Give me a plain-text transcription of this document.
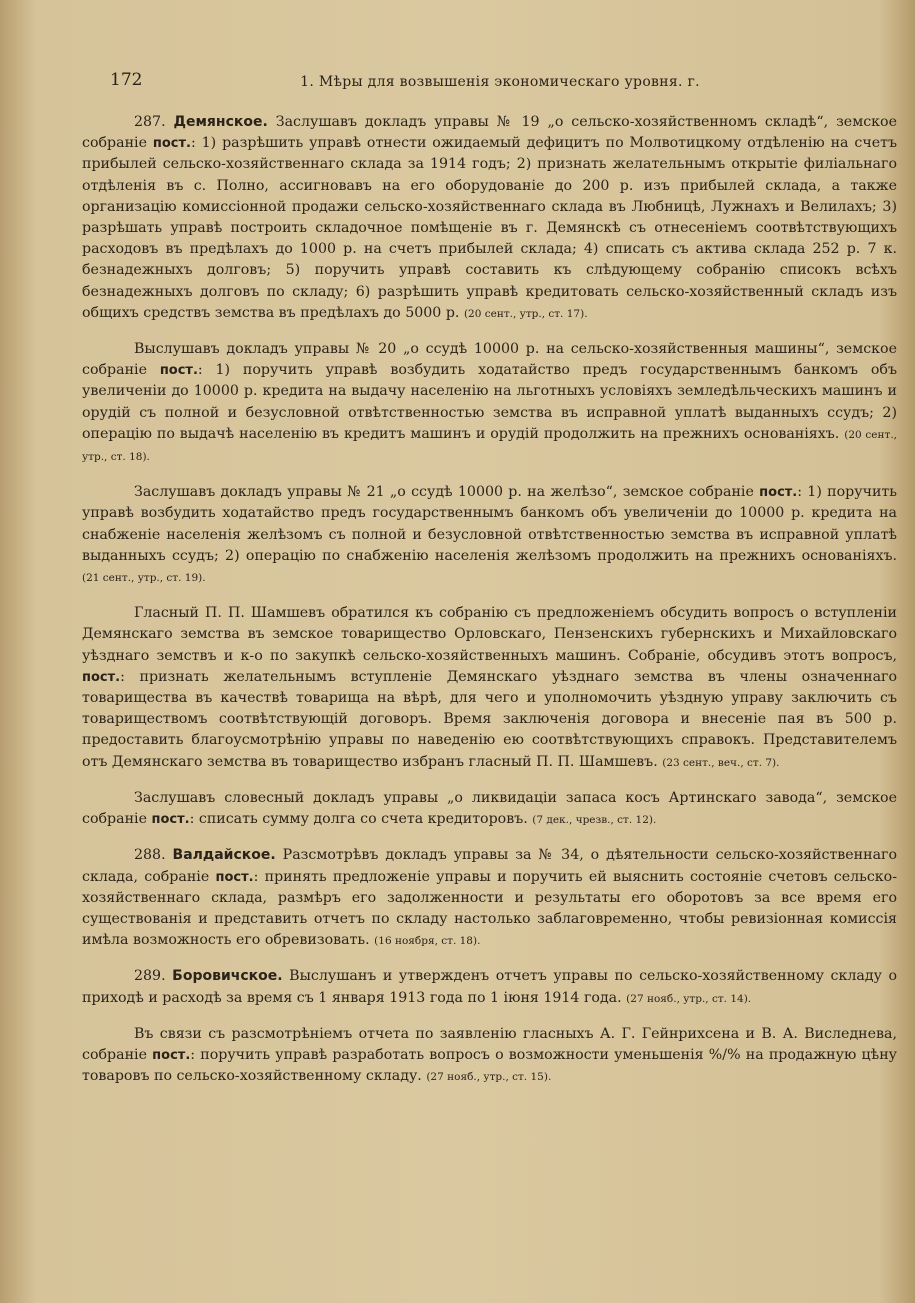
172	1. Мѣры для возвышенія экономическаго уровня. г.

287. Демянское. Заслушавъ докладъ управы № 19 „о сельско-хозяйственномъ складѣ“, земское собраніе пост.: 1) разрѣшить управѣ отнести ожидаемый дефицитъ по Молвотицкому отдѣленію на счетъ прибылей сельско-хозяйственнаго склада за 1914 годъ; 2) признать желательнымъ открытіе филіальнаго отдѣленія въ с. Полно, ассигновавъ на его оборудованіе до 200 р. изъ прибылей склада, а также организацію комиссіонной продажи сельско-хозяйственнаго склада въ Любницѣ, Лужнахъ и Велилахъ; 3) разрѣшать управѣ построить складочное помѣщеніе въ г. Демянскѣ съ отнесеніемъ соотвѣтствующихъ расходовъ въ предѣлахъ до 1000 р. на счетъ прибылей склада; 4) списать съ актива склада 252 р. 7 к. безнадежныхъ долговъ; 5) поручить управѣ составить къ слѣдующему собранію списокъ всѣхъ безнадежныхъ долговъ по складу; 6) разрѣшить управѣ кредитовать сельско-хозяйственный складъ изъ общихъ средствъ земства въ предѣлахъ до 5000 р. (20 сент., утр., ст. 17).

Выслушавъ докладъ управы № 20 „о ссудѣ 10000 р. на сельско-хозяйственныя машины“, земское собраніе пост.: 1) поручить управѣ возбудить ходатайство предъ государственнымъ банкомъ объ увеличеніи до 10000 р. кредита на выдачу населенію на льготныхъ условіяхъ земледѣльческихъ машинъ и орудій съ полной и безусловной отвѣтственностью земства въ исправной уплатѣ выданныхъ ссудъ; 2) операцію по выдачѣ населенію въ кредитъ машинъ и орудій продолжить на прежнихъ основаніяхъ. (20 сент., утр., ст. 18).

Заслушавъ докладъ управы № 21 „о ссудѣ 10000 р. на желѣзо“, земское собраніе пост.: 1) поручить управѣ возбудить ходатайство предъ государственнымъ банкомъ объ увеличеніи до 10000 р. кредита на снабженіе населенія желѣзомъ съ полной и безусловной отвѣтственностью земства въ исправной уплатѣ выданныхъ ссудъ; 2) операцію по снабженію населенія желѣзомъ продолжить на прежнихъ основаніяхъ. (21 сент., утр., ст. 19).

Гласный П. П. Шамшевъ обратился къ собранію съ предложеніемъ обсудить вопросъ о вступленіи Демянскаго земства въ земское товарищество Орловскаго, Пензенскихъ губернскихъ и Михайловскаго уѣзднаго земствъ и к-о по закупкѣ сельско-хозяйственныхъ машинъ. Собраніе, обсудивъ этотъ вопросъ, пост.: признать желательнымъ вступленіе Демянскаго уѣзднаго земства въ члены означеннаго товарищества въ качествѣ товарища на вѣрѣ, для чего и уполномочить уѣздную управу заключить съ товариществомъ соотвѣтствующій договоръ. Время заключенія договора и внесеніе пая въ 500 р. предоставить благоусмотрѣнію управы по наведенію ею соотвѣтствующихъ справокъ. Представителемъ отъ Демянскаго земства въ товарищество избранъ гласный П. П. Шамшевъ. (23 сент., веч., ст. 7).

Заслушавъ словесный докладъ управы „о ликвидаціи запаса косъ Артинскаго завода“, земское собраніе пост.: списать сумму долга со счета кредиторовъ. (7 дек., чрезв., ст. 12).

288. Валдайское. Разсмотрѣвъ докладъ управы за № 34, о дѣятельности сельско-хозяйственнаго склада, собраніе пост.: принять предложеніе управы и поручить ей выяснить состояніе счетовъ сельско-хозяйственнаго склада, размѣръ его задолженности и результаты его оборотовъ за все время его существованія и представить отчетъ по складу настолько заблаговременно, чтобы ревизіонная комиссія имѣла возможность его обревизовать. (16 ноября, ст. 18).

289. Боровичское. Выслушанъ и утвержденъ отчетъ управы по сельско-хозяйственному складу о приходѣ и расходѣ за время съ 1 января 1913 года по 1 іюня 1914 года. (27 нояб., утр., ст. 14).

Въ связи съ разсмотрѣніемъ отчета по заявленію гласныхъ А. Г. Гейнрихсена и В. А. Виследнева, собраніе пост.: поручить управѣ разработать вопросъ о возможности уменьшенія %/% на продажную цѣну товаровъ по сельско-хозяйственному складу. (27 нояб., утр., ст. 15).
